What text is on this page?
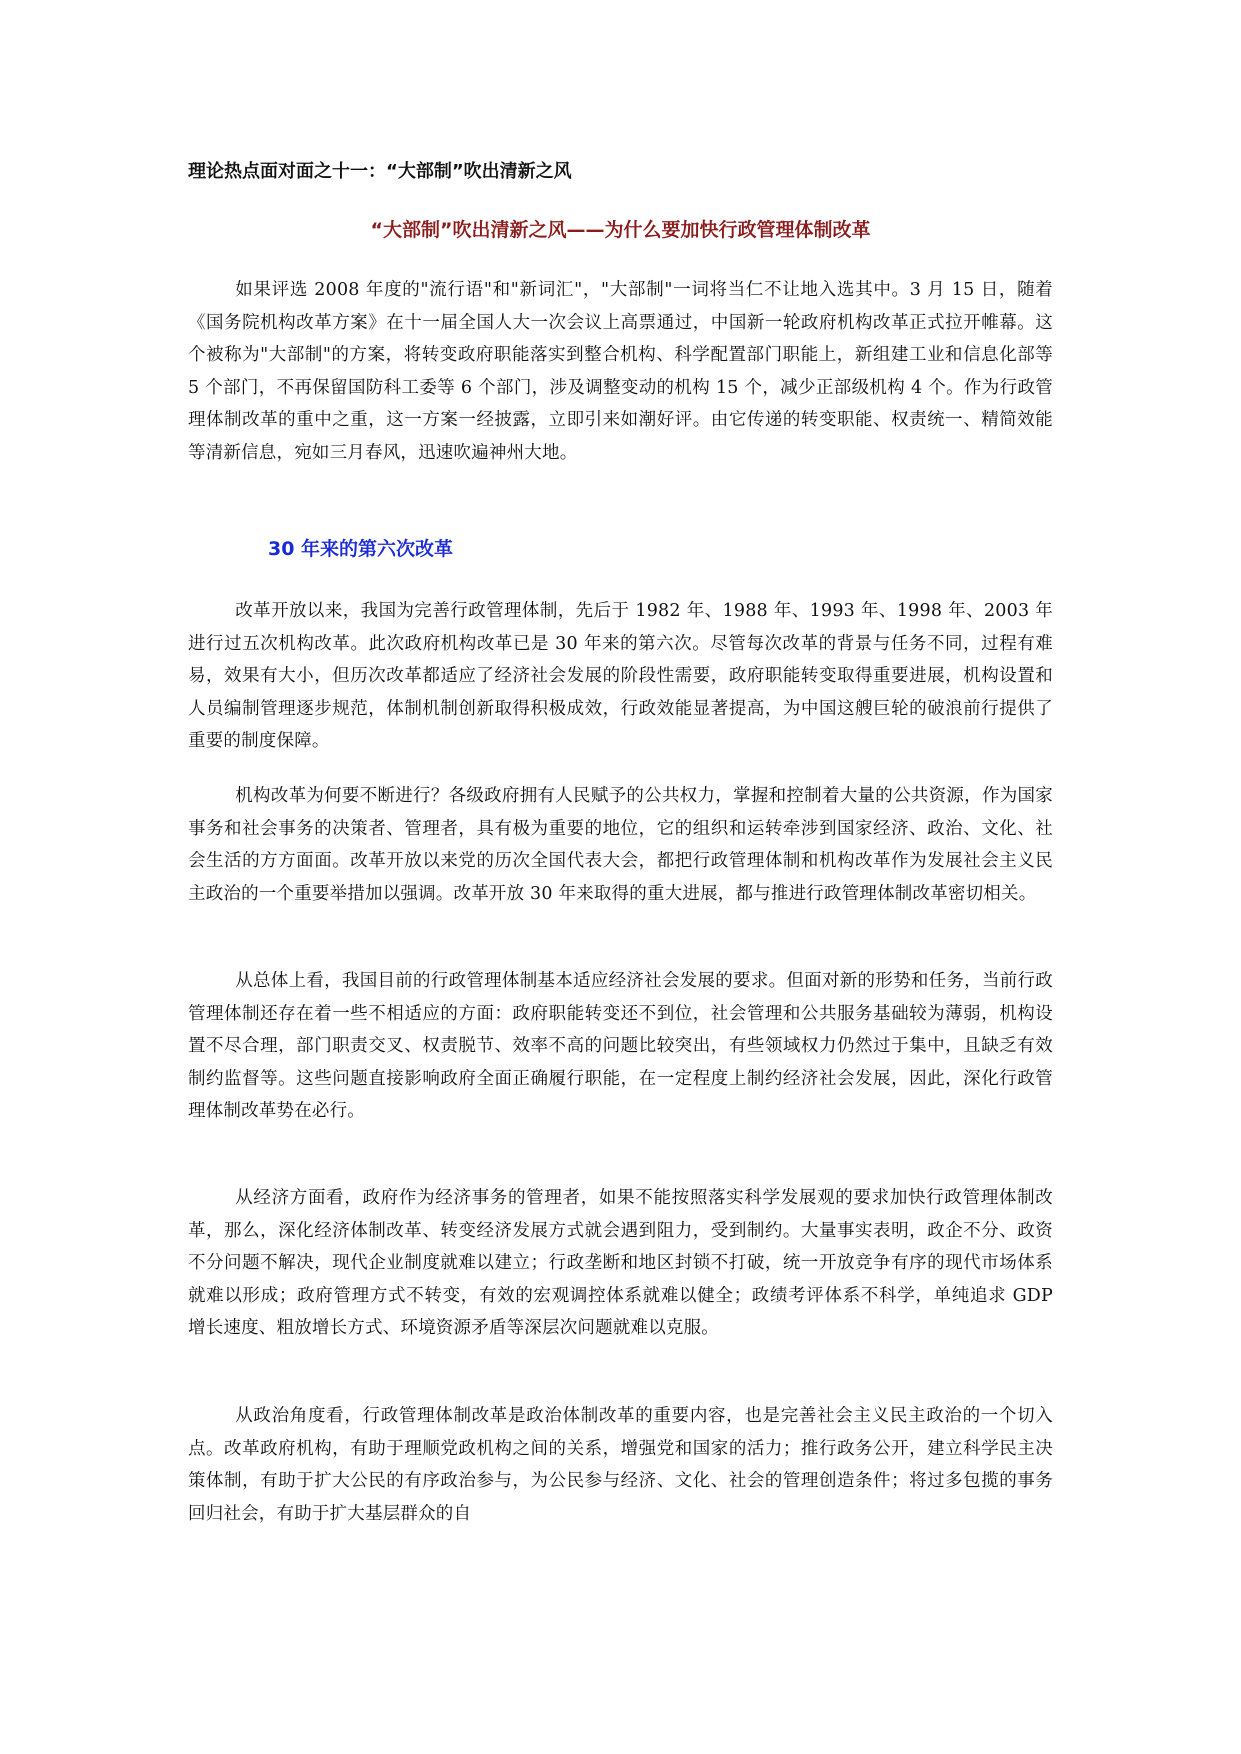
理论热点面对面之十一：“大部制”吹出清新之风
“大部制”吹出清新之风——为什么要加快行政管理体制改革

如果评选 2008 年度的"流行语"和"新词汇"，"大部制"一词将当仁不让地入选其中。3 月 15 日，随着《国务院机构改革方案》在十一届全国人大一次会议上高票通过，中国新一轮政府机构改革正式拉开帷幕。这个被称为"大部制"的方案，将转变政府职能落实到整合机构、科学配置部门职能上，新组建工业和信息化部等 5 个部门，不再保留国防科工委等 6 个部门，涉及调整变动的机构 15 个，减少正部级机构 4 个。作为行政管理体制改革的重中之重，这一方案一经披露，立即引来如潮好评。由它传递的转变职能、权责统一、精简效能等清新信息，宛如三月春风，迅速吹遍神州大地。

30 年来的第六次改革

改革开放以来，我国为完善行政管理体制，先后于 1982 年、1988 年、1993 年、1998 年、2003 年进行过五次机构改革。此次政府机构改革已是 30 年来的第六次。尽管每次改革的背景与任务不同，过程有难易，效果有大小，但历次改革都适应了经济社会发展的阶段性需要，政府职能转变取得重要进展，机构设置和人员编制管理逐步规范，体制机制创新取得积极成效，行政效能显著提高，为中国这艘巨轮的破浪前行提供了重要的制度保障。

机构改革为何要不断进行？各级政府拥有人民赋予的公共权力，掌握和控制着大量的公共资源，作为国家事务和社会事务的决策者、管理者，具有极为重要的地位，它的组织和运转牵涉到国家经济、政治、文化、社会生活的方方面面。改革开放以来党的历次全国代表大会，都把行政管理体制和机构改革作为发展社会主义民主政治的一个重要举措加以强调。改革开放 30 年来取得的重大进展，都与推进行政管理体制改革密切相关。

从总体上看，我国目前的行政管理体制基本适应经济社会发展的要求。但面对新的形势和任务，当前行政管理体制还存在着一些不相适应的方面：政府职能转变还不到位，社会管理和公共服务基础较为薄弱，机构设置不尽合理，部门职责交叉、权责脱节、效率不高的问题比较突出，有些领域权力仍然过于集中，且缺乏有效制约监督等。这些问题直接影响政府全面正确履行职能，在一定程度上制约经济社会发展，因此，深化行政管理体制改革势在必行。

从经济方面看，政府作为经济事务的管理者，如果不能按照落实科学发展观的要求加快行政管理体制改革，那么，深化经济体制改革、转变经济发展方式就会遇到阻力，受到制约。大量事实表明，政企不分、政资不分问题不解决，现代企业制度就难以建立；行政垄断和地区封锁不打破，统一开放竞争有序的现代市场体系就难以形成；政府管理方式不转变，有效的宏观调控体系就难以健全；政绩考评体系不科学，单纯追求 GDP 增长速度、粗放增长方式、环境资源矛盾等深层次问题就难以克服。

从政治角度看，行政管理体制改革是政治体制改革的重要内容，也是完善社会主义民主政治的一个切入点。改革政府机构，有助于理顺党政机构之间的关系，增强党和国家的活力；推行政务公开，建立科学民主决策体制，有助于扩大公民的有序政治参与，为公民参与经济、文化、社会的管理创造条件；将过多包揽的事务回归社会，有助于扩大基层群众的自
